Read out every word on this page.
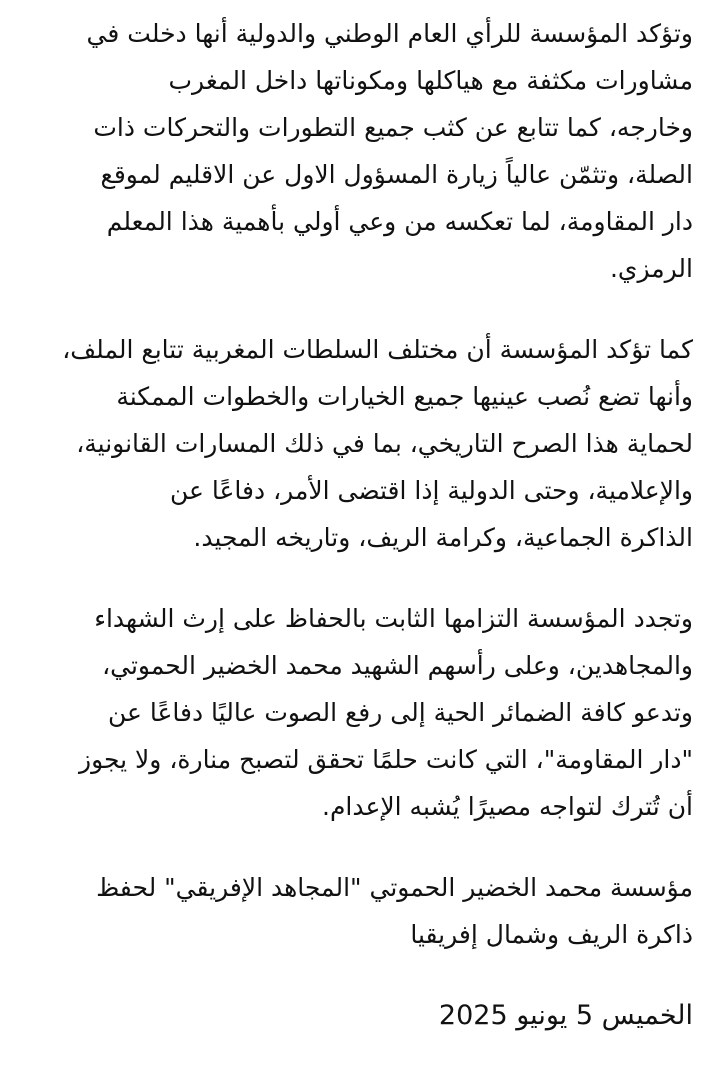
وتؤكد المؤسسة للرأي العام الوطني والدولية أنها دخلت في
مشاورات مكثفة مع هياكلها ومكوناتها داخل المغرب
وخارجه، كما تتابع عن كثب جميع التطورات والتحركات ذات
الصلة، وتثمّن عالياً زيارة المسؤول الاول عن الاقليم لموقع
دار المقاومة، لما تعكسه من وعي أولي بأهمية هذا المعلم
الرمزي.

كما تؤكد المؤسسة أن مختلف السلطات المغربية تتابع الملف،
وأنها تضع نُصب عينيها جميع الخيارات والخطوات الممكنة
لحماية هذا الصرح التاريخي، بما في ذلك المسارات القانونية،
والإعلامية، وحتى الدولية إذا اقتضى الأمر، دفاعًا عن
الذاكرة الجماعية، وكرامة الريف، وتاريخه المجيد.

وتجدد المؤسسة التزامها الثابت بالحفاظ على إرث الشهداء
والمجاهدين، وعلى رأسهم الشهيد محمد الخضير الحموتي،
وتدعو كافة الضمائر الحية إلى رفع الصوت عاليًا دفاعًا عن
"دار المقاومة"، التي كانت حلمًا تحقق لتصبح منارة، ولا يجوز
أن تُترك لتواجه مصيرًا يُشبه الإعدام.

مؤسسة محمد الخضير الحموتي "المجاهد الإفريقي" لحفظ
ذاكرة الريف وشمال إفريقيا

الخميس 5 يونيو 2025
